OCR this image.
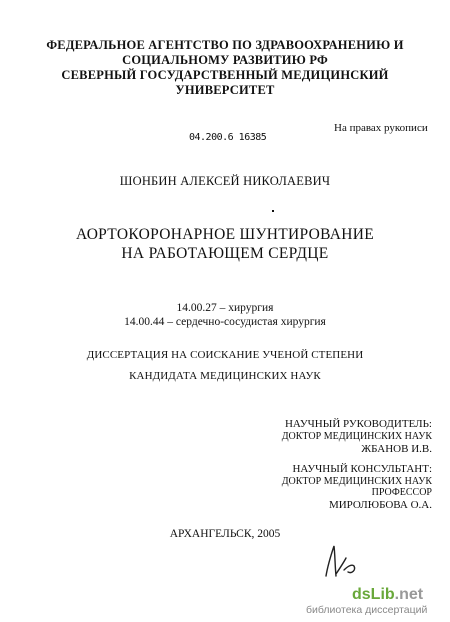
ФЕДЕРАЛЬНОЕ АГЕНТСТВО ПО ЗДРАВООХРАНЕНИЮ И
СОЦИАЛЬНОМУ РАЗВИТИЮ РФ
СЕВЕРНЫЙ ГОСУДАРСТВЕННЫЙ МЕДИЦИНСКИЙ
УНИВЕРСИТЕТ
На правах рукописи
04.200.6 16385
ШОНБИН АЛЕКСЕЙ НИКОЛАЕВИЧ
АОРТОКОРОНАРНОЕ ШУНТИРОВАНИЕ
НА РАБОТАЮЩЕМ СЕРДЦЕ
14.00.27 – хирургия
14.00.44 – сердечно-сосудистая хирургия
ДИССЕРТАЦИЯ НА СОИСКАНИЕ УЧЕНОЙ СТЕПЕНИ
КАНДИДАТА МЕДИЦИНСКИХ НАУК
НАУЧНЫЙ РУКОВОДИТЕЛЬ:
ДОКТОР МЕДИЦИНСКИХ НАУК
ЖБАНОВ И.В.
НАУЧНЫЙ КОНСУЛЬТАНТ:
ДОКТОР МЕДИЦИНСКИХ НАУК
ПРОФЕССОР
МИРОЛЮБОВА О.А.
АРХАНГЕЛЬСК, 2005
dsLib.net
библиотека диссертаций
